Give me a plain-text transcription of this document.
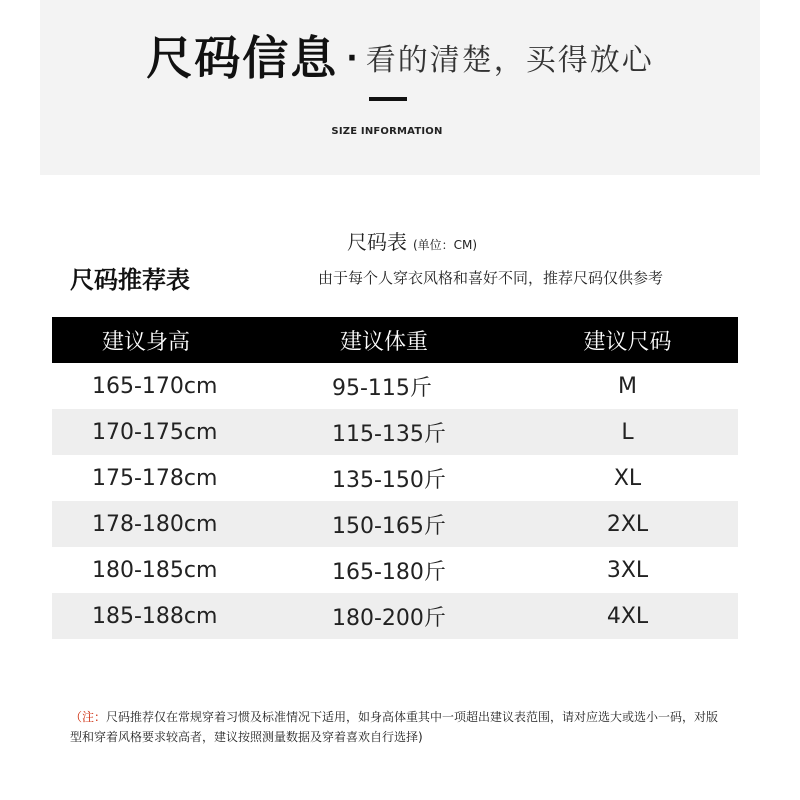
尺码信息 · 看的清楚，买得放心
SIZE INFORMATION
尺码表 (单位：CM)
尺码推荐表	由于每个人穿衣风格和喜好不同，推荐尺码仅供参考
建议身高	建议体重	建议尺码
165-170cm	95-115斤	M
170-175cm	115-135斤	L
175-178cm	135-150斤	XL
178-180cm	150-165斤	2XL
180-185cm	165-180斤	3XL
185-188cm	180-200斤	4XL
（注：尺码推荐仅在常规穿着习惯及标准情况下适用，如身高体重其中一项超出建议表范围，请对应选大或选小一码，对版型和穿着风格要求较高者，建议按照测量数据及穿着喜欢自行选择)
